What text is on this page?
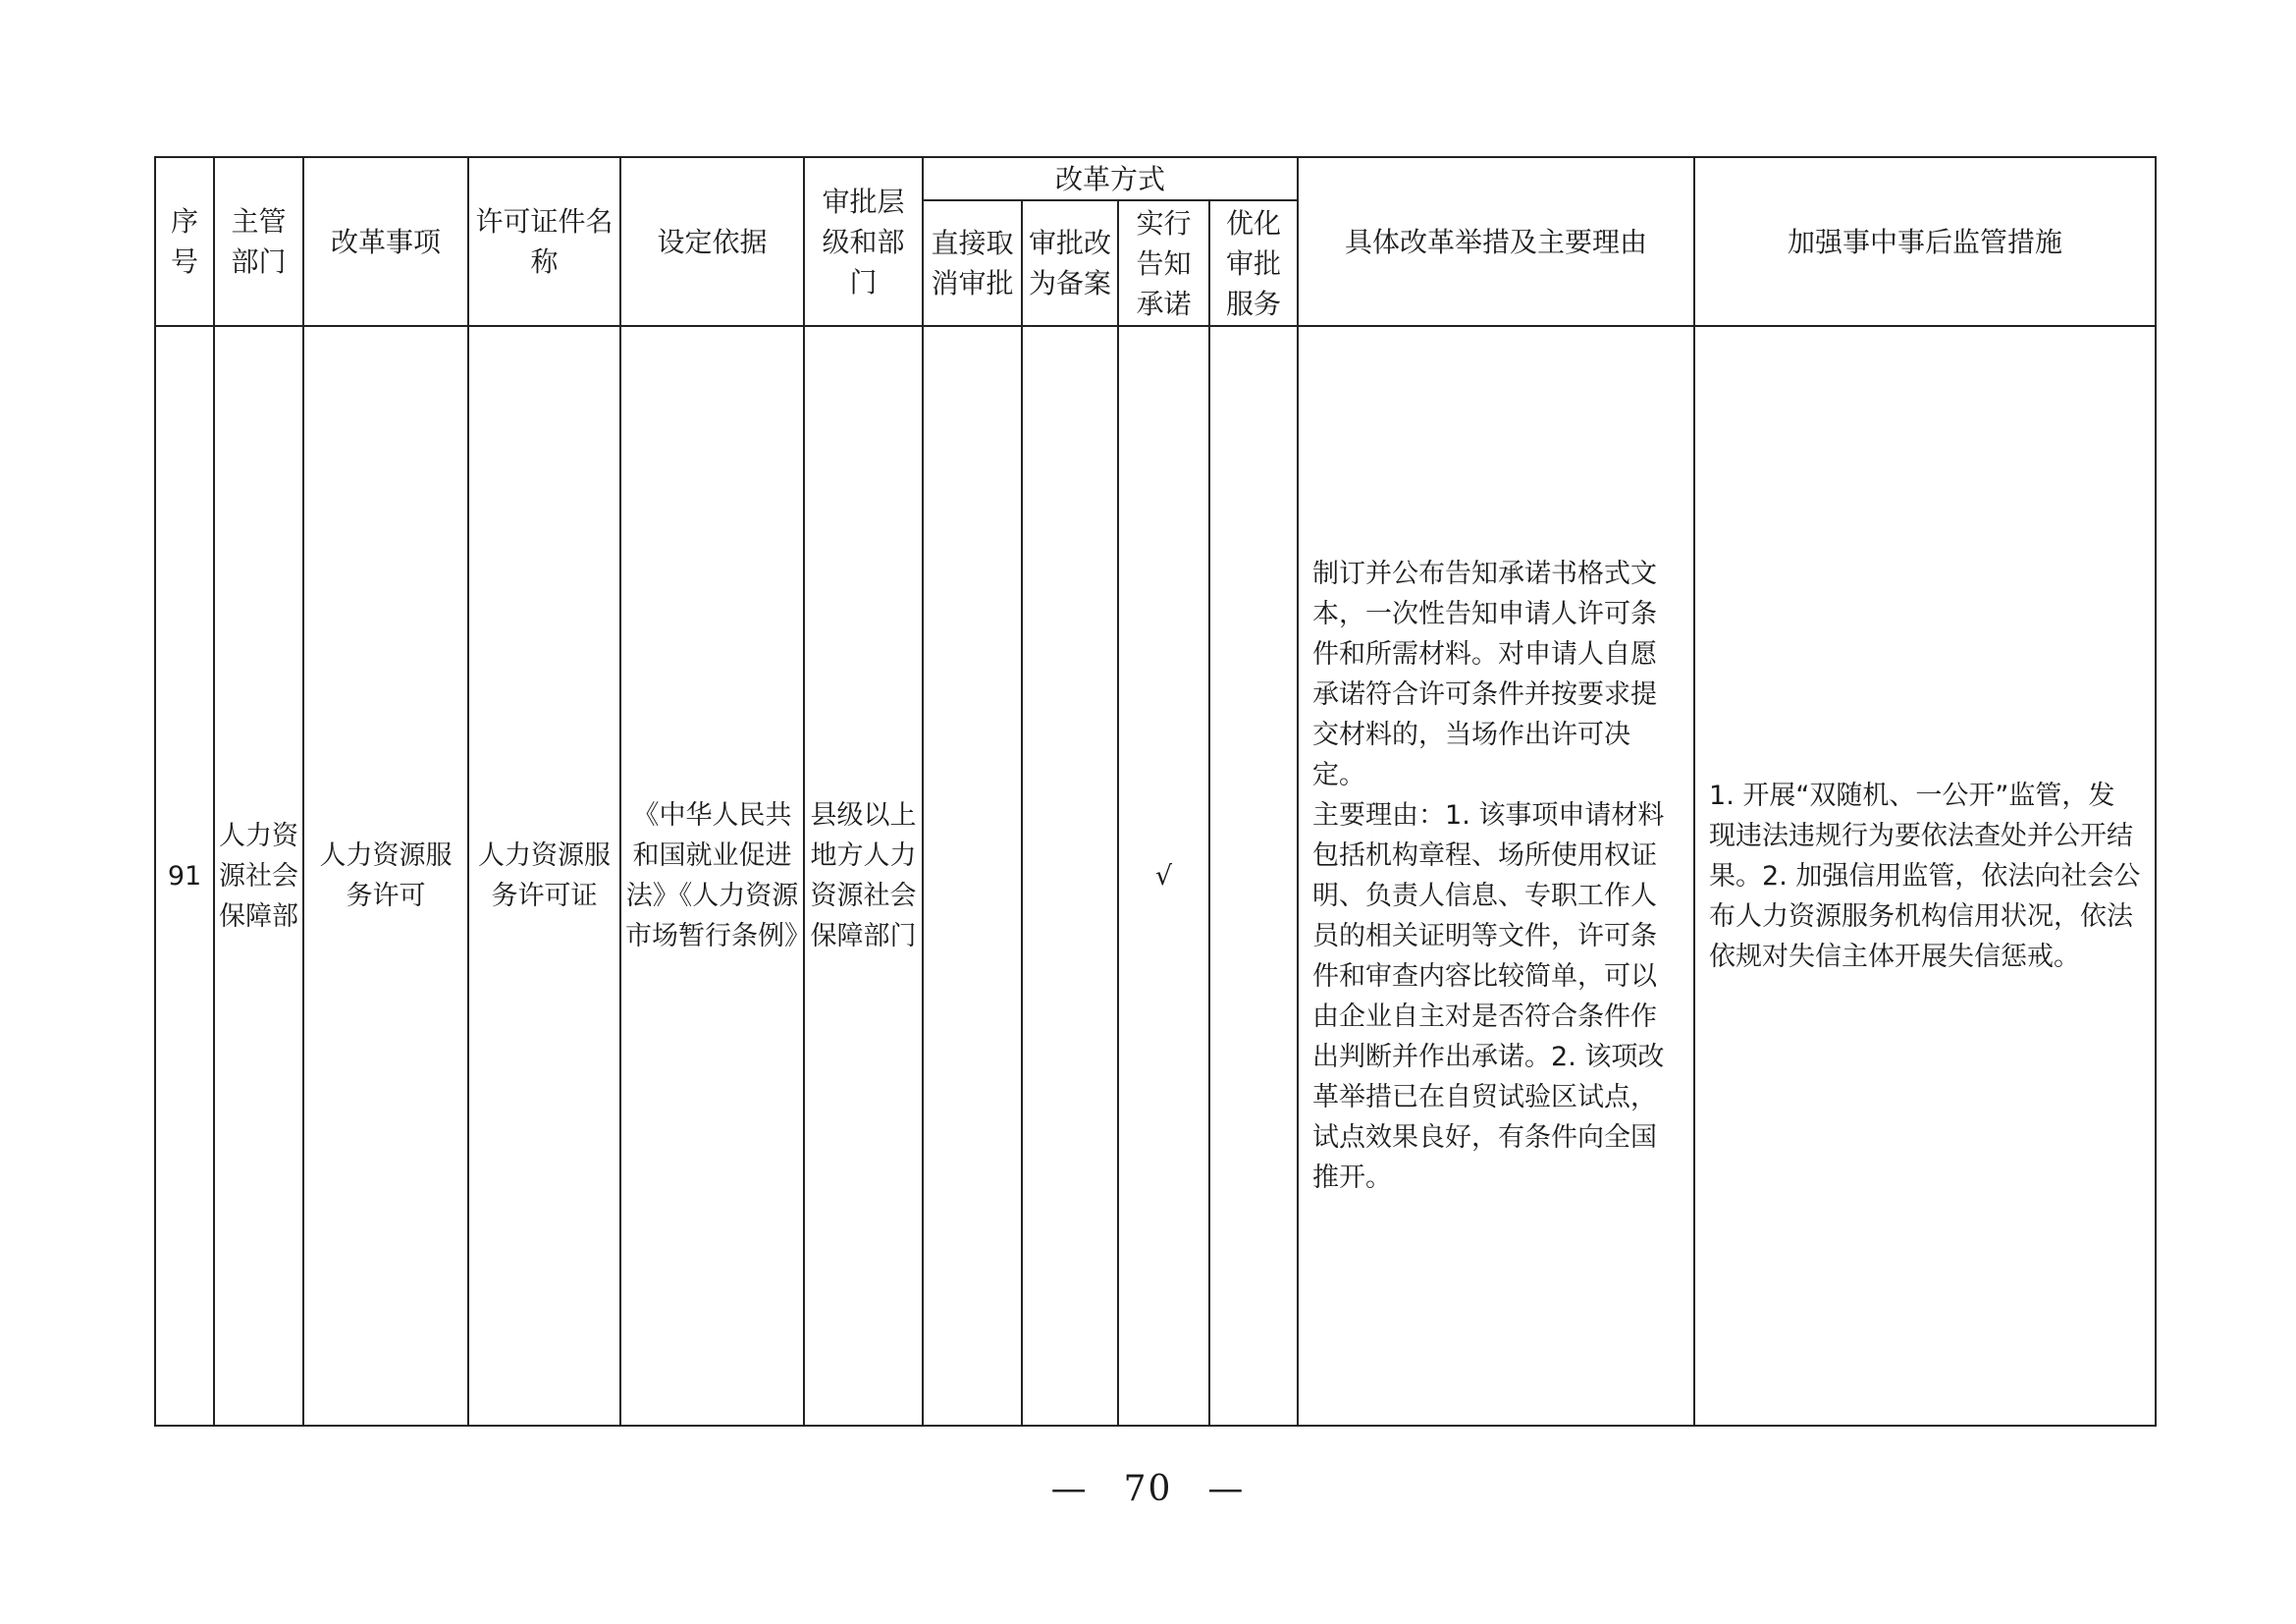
序号	主管部门	改革事项	许可证件名称	设定依据	审批层级和部门	改革方式				具体改革举措及主要理由	加强事中事后监管措施
						直接取消审批	审批改为备案	实行告知承诺	优化审批服务		
91	人力资源社会保障部	人力资源服务许可	人力资源服务许可证	《中华人民共和国就业促进法》《人力资源市场暂行条例》	县级以上地方人力资源社会保障部门			√		制订并公布告知承诺书格式文本，一次性告知申请人许可条件和所需材料。对申请人自愿承诺符合许可条件并按要求提交材料的，当场作出许可决定。
主要理由：1. 该事项申请材料包括机构章程、场所使用权证明、负责人信息、专职工作人员的相关证明等文件，许可条件和审查内容比较简单，可以由企业自主对是否符合条件作出判断并作出承诺。2. 该项改革举措已在自贸试验区试点，试点效果良好，有条件向全国推开。	1. 开展“双随机、一公开”监管，发现违法违规行为要依法查处并公开结果。2. 加强信用监管，依法向社会公布人力资源服务机构信用状况，依法依规对失信主体开展失信惩戒。
— 70 —
